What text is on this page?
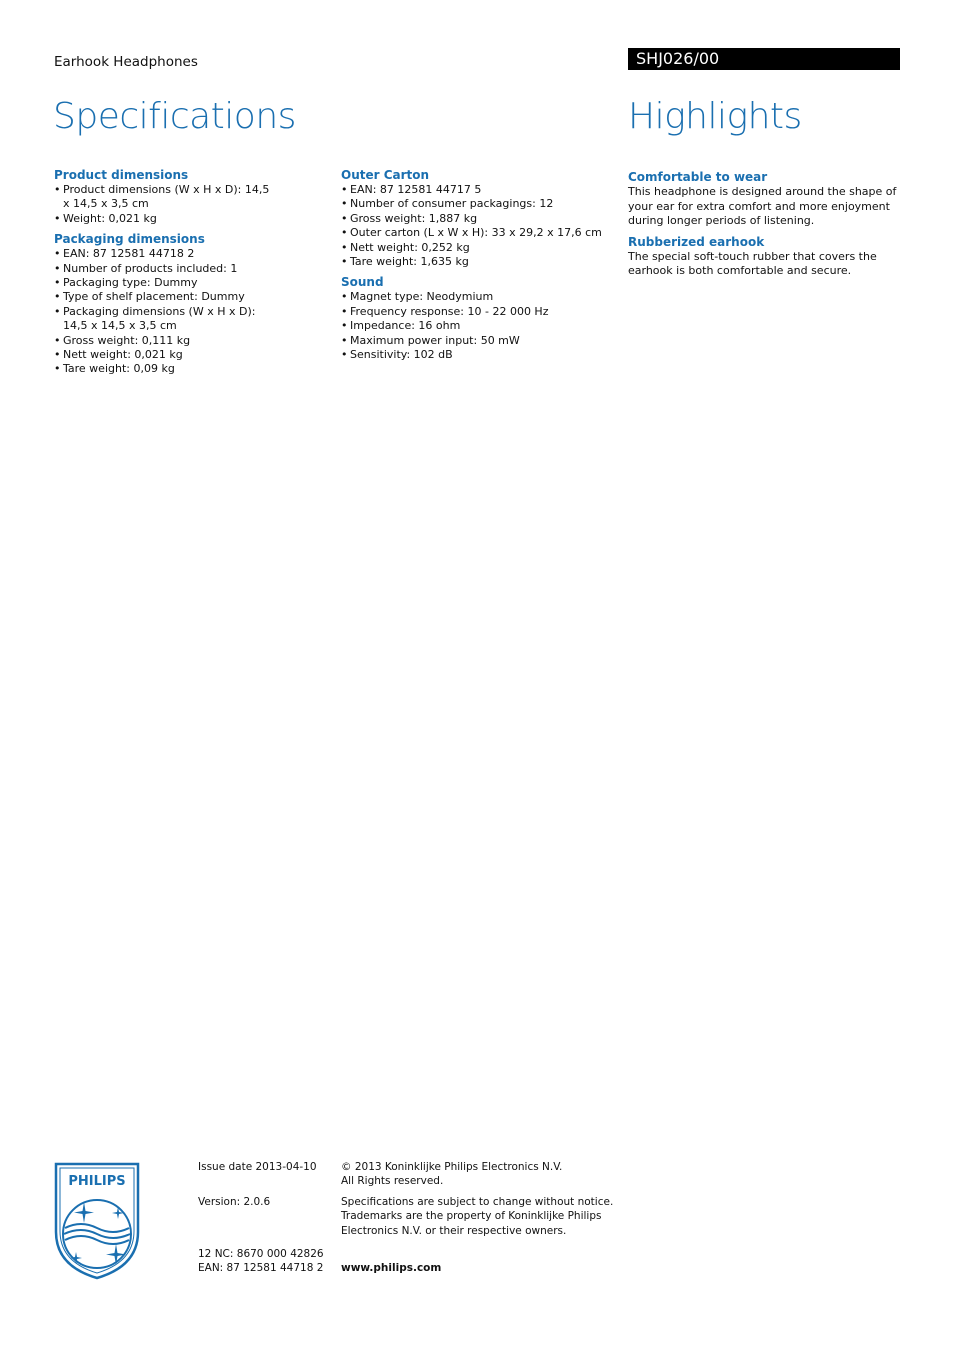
Earhook Headphones	SHJ026/00
Specifications	Highlights
Product dimensions
• Product dimensions (W x H x D): 14,5 x 14,5 x 3,5 cm
• Weight: 0,021 kg
Packaging dimensions
• EAN: 87 12581 44718 2
• Number of products included: 1
• Packaging type: Dummy
• Type of shelf placement: Dummy
• Packaging dimensions (W x H x D): 14,5 x 14,5 x 3,5 cm
• Gross weight: 0,111 kg
• Nett weight: 0,021 kg
• Tare weight: 0,09 kg
Outer Carton
• EAN: 87 12581 44717 5
• Number of consumer packagings: 12
• Gross weight: 1,887 kg
• Outer carton (L x W x H): 33 x 29,2 x 17,6 cm
• Nett weight: 0,252 kg
• Tare weight: 1,635 kg
Sound
• Magnet type: Neodymium
• Frequency response: 10 - 22 000 Hz
• Impedance: 16 ohm
• Maximum power input: 50 mW
• Sensitivity: 102 dB
Comfortable to wear

This headphone is designed around the shape of your ear for extra comfort and more enjoyment during longer periods of listening.

Rubberized earhook

The special soft-touch rubber that covers the earhook is both comfortable and secure.

PHILIPS
Issue date 2013-04-10
Version: 2.0.6
12 NC: 8670 000 42826
EAN: 87 12581 44718 2
© 2013 Koninklijke Philips Electronics N.V.
All Rights reserved.
Specifications are subject to change without notice.
Trademarks are the property of Koninklijke Philips
Electronics N.V. or their respective owners.
www.philips.com
